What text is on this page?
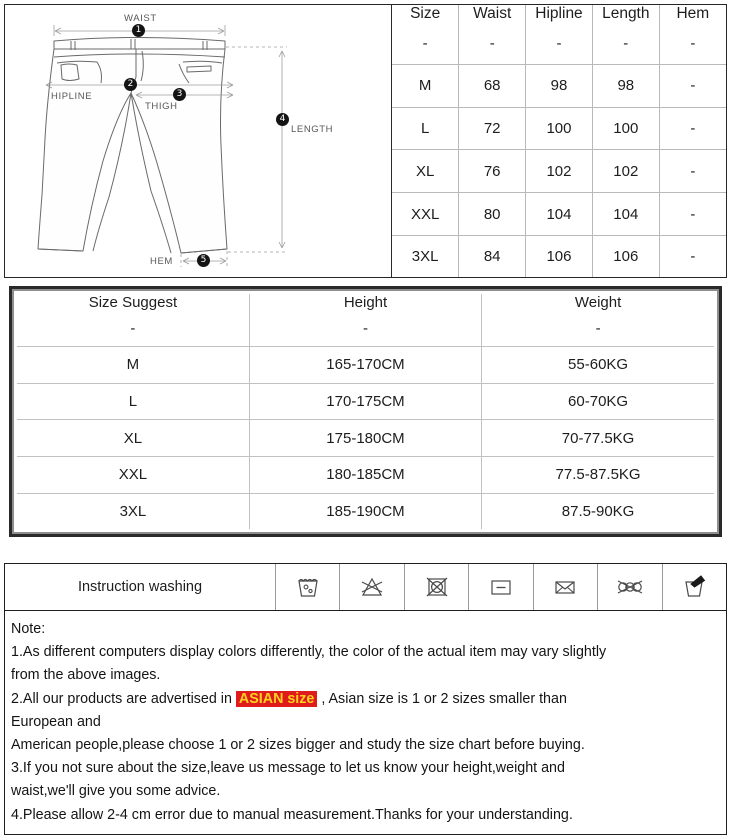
WAIST
1
HIPLINE
2
THIGH
3
LENGTH
4
HEM	5
Size	Waist	Hipline	Length	Hem
-	-	-	-	-
M	68	98	98	-
L	72	100	100	-
XL	76	102	102	-
XXL	80	104	104	-
3XL	84	106	106	-
Size Suggest	Height	Weight
-	-	-
M	165-170CM	55-60KG
L	170-175CM	60-70KG
XL	175-180CM	70-77.5KG
XXL	180-185CM	77.5-87.5KG
3XL	185-190CM	87.5-90KG
Instruction washing
Note:
1.As different computers display colors differently, the color of the actual item may vary slightly
from the above images.
2.All our products are advertised in ASIAN size , Asian size is 1 or 2 sizes smaller than
European and
American people,please choose 1 or 2 sizes bigger and study the size chart before buying.
3.If you not sure about the size,leave us message to let us know your height,weight and
waist,we'll give you some advice.
4.Please allow 2-4 cm error due to manual measurement.Thanks for your understanding.
